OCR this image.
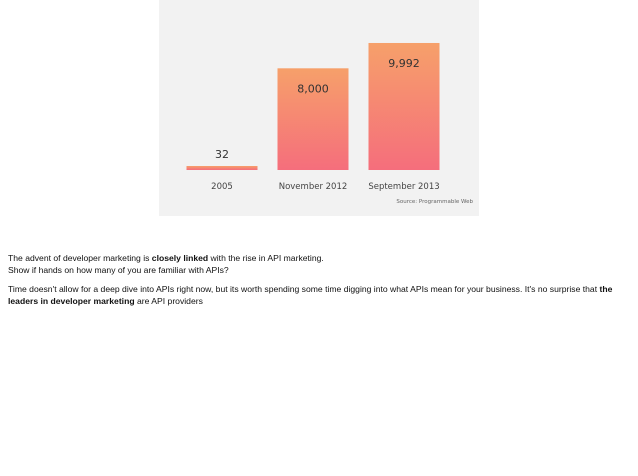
32
2005
8,000
November 2012
9,992
September 2013
Source: Programmable Web

The advent of developer marketing is closely linked with the rise in API marketing.
Show if hands on how many of you are familiar with APIs?

Time doesn't allow for a deep dive into APIs right now, but its worth spending some time digging into what APIs mean for your business. It's no surprise that the leaders in developer marketing are API providers
